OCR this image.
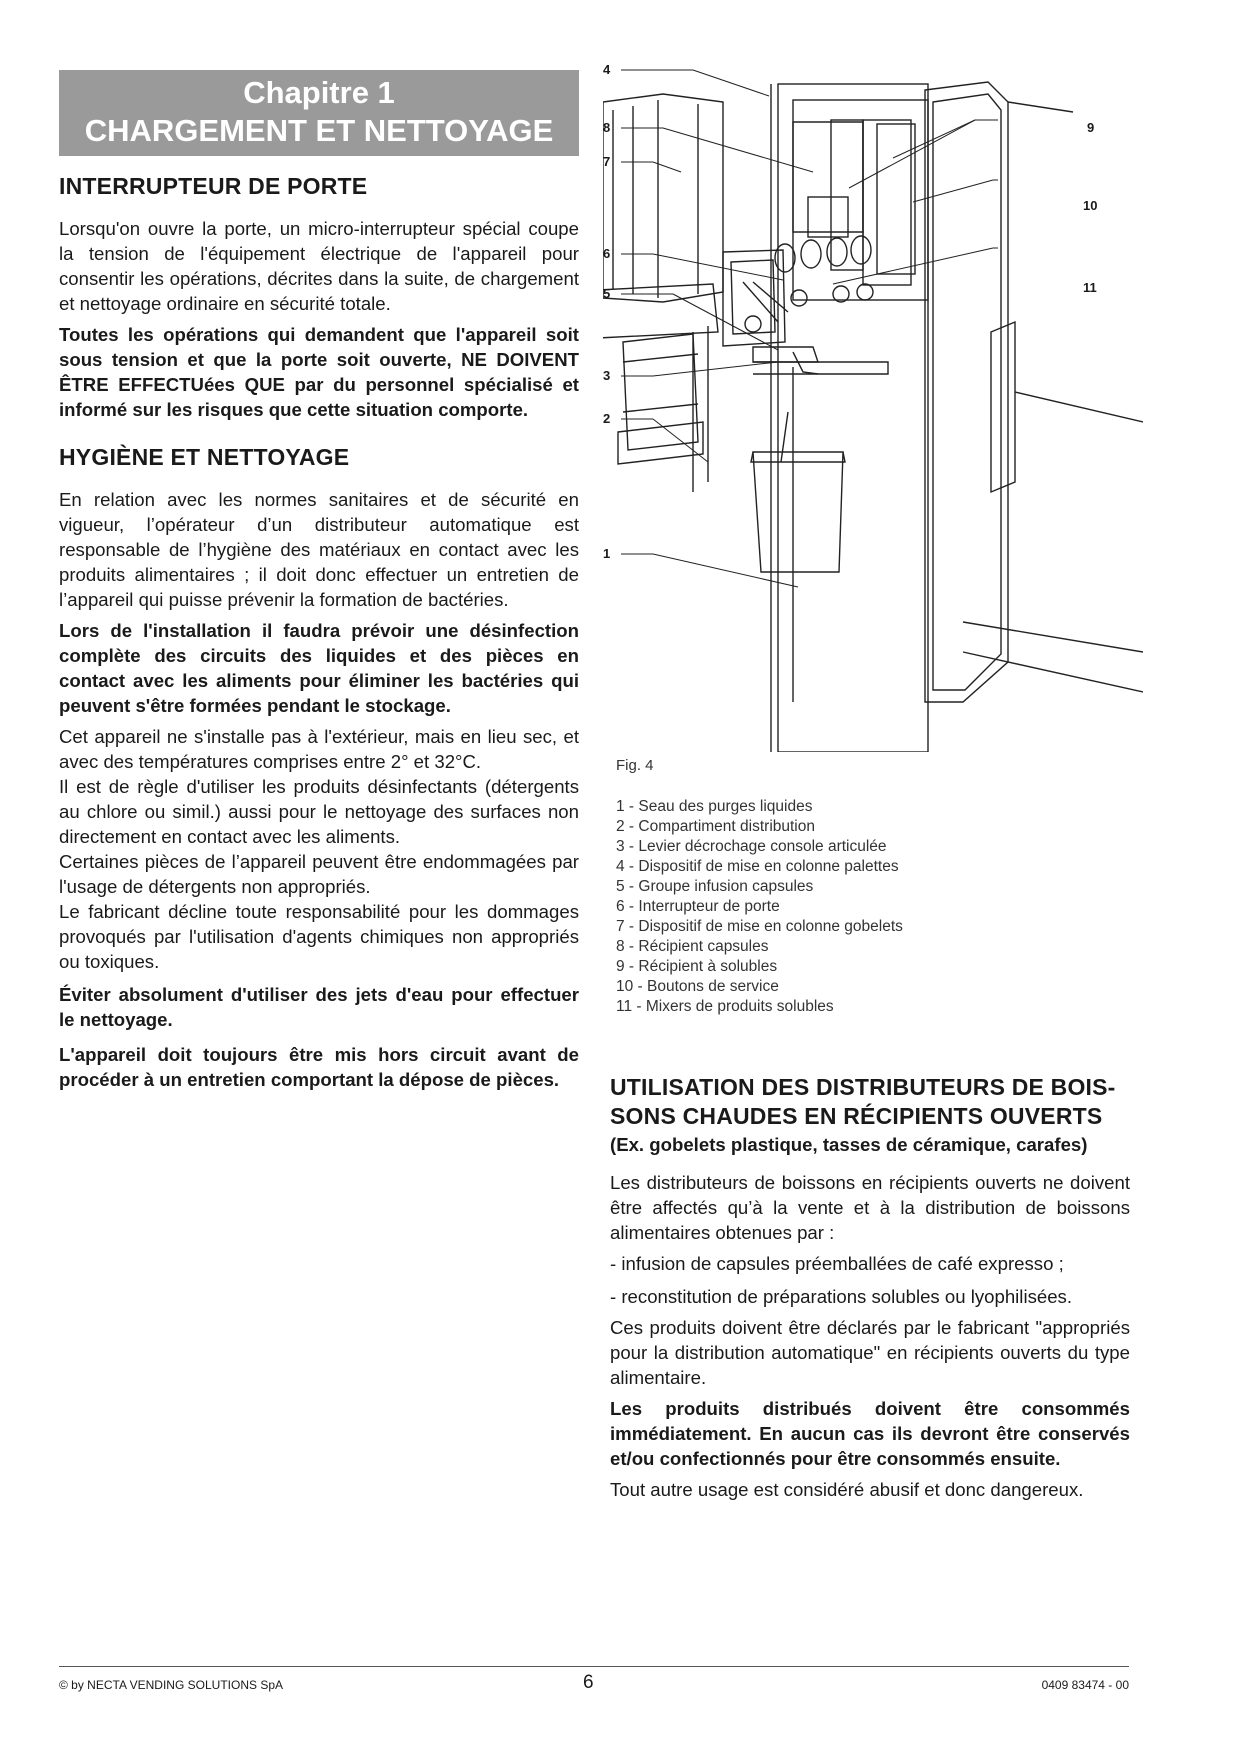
Chapitre 1
CHARGEMENT ET NETTOYAGE
INTERRUPTEUR DE PORTE

Lorsqu'on ouvre la porte, un micro-interrupteur spécial coupe la tension de l'équipement électrique de l'appareil pour consentir les opérations, décrites dans la suite, de chargement et nettoyage ordinaire en sécurité totale.

Toutes les opérations qui demandent que l'appareil soit sous tension et que la porte soit ouverte, NE DOIVENT ÊTRE EFFECTUées QUE par du personnel spécialisé et informé sur les risques que cette situation comporte.

HYGIÈNE ET NETTOYAGE

En relation avec les normes sanitaires et de sécurité en vigueur, l’opérateur d’un distributeur automatique est responsable de l’hygiène des matériaux en contact avec les produits alimentaires ; il doit donc effectuer un entretien de l’appareil qui puisse prévenir la formation de bactéries.

Lors de l'installation il faudra prévoir une désinfection complète des circuits des liquides et des pièces en contact avec les aliments pour éliminer les bactéries qui peuvent s'être formées pendant le stockage.

Cet appareil ne s'installe pas à l'extérieur, mais en lieu sec, et avec des températures comprises entre 2° et 32°C.

Il est de règle d'utiliser les produits désinfectants (détergents au chlore ou simil.) aussi pour le nettoyage des surfaces non directement en contact avec les aliments.

Certaines pièces de l’appareil peuvent être endommagées par l'usage de détergents non appropriés.

Le fabricant décline toute responsabilité pour les dommages provoqués par l'utilisation d'agents chimiques non appropriés ou toxiques.

Éviter absolument d'utiliser des jets d'eau pour effectuer le nettoyage.

L'appareil doit toujours être mis hors circuit avant de procéder à un entretien comportant la dépose de pièces.

4
8
7
6
5
3
2
1
9
10
11
Fig. 4
1 - Seau des purges liquides
2 - Compartiment distribution
3 - Levier décrochage console articulée
4 - Dispositif de mise en colonne palettes
5 - Groupe infusion capsules
6 - Interrupteur de porte
7 - Dispositif de mise en colonne gobelets
8 - Récipient capsules
9 - Récipient à solubles
10 - Boutons de service
11 - Mixers de produits solubles
UTILISATION DES DISTRIBUTEURS DE BOIS-
SONS CHAUDES EN RÉCIPIENTS OUVERTS
(Ex. gobelets plastique, tasses de céramique, carafes)

Les distributeurs de boissons en récipients ouverts ne doivent être affectés qu’à la vente et à la distribution de boissons alimentaires obtenues par :

- infusion de capsules préemballées de café expresso ;

- reconstitution de préparations solubles ou lyophilisées.

Ces produits doivent être déclarés par le fabricant "appropriés pour la distribution automatique" en récipients ouverts du type alimentaire.

Les produits distribués doivent être consommés immédiatement. En aucun cas ils devront être conservés et/ou confectionnés pour être consommés ensuite.

Tout autre usage est considéré abusif et donc dangereux.

© by NECTA VENDING SOLUTIONS SpA	6	0409 83474 - 00
